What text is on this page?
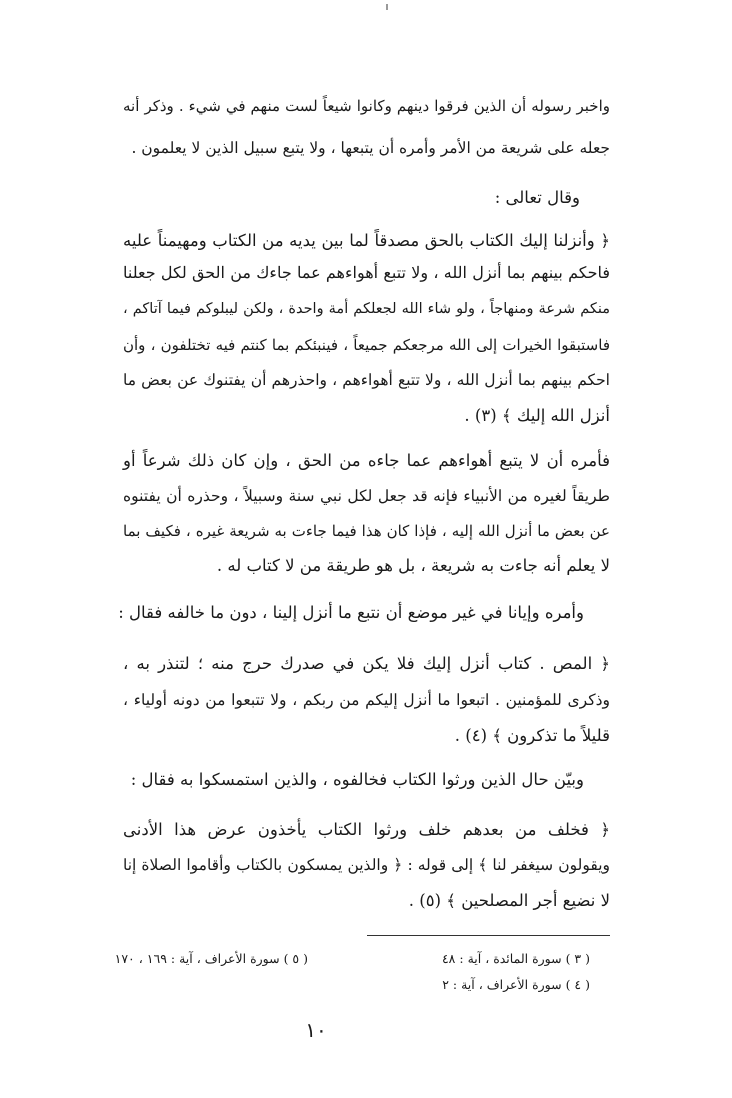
واخبر رسوله أن الذين فرقوا دينهم وكانوا شيعاً لست منهم في شيء . وذكر أنه
جعله على شريعة من الأمر وأمره أن يتبعها ، ولا يتبع سبيل الذين لا يعلمون .
وقال تعالى :
﴿ وأنزلنا إليك الكتاب بالحق مصدقاً لما بين يديه من الكتاب ومهيمناً عليه
فاحكم بينهم بما أنزل الله ، ولا تتبع أهواءهم عما جاءك من الحق لكل جعلنا
منكم شرعة ومنهاجاً ، ولو شاء الله لجعلكم أمة واحدة ، ولكن ليبلوكم فيما آتاكم ،
فاستبقوا الخيرات إلى الله مرجعكم جميعاً ، فينبئكم بما كنتم فيه تختلفون ، وأن
احكم بينهم بما أنزل الله ، ولا تتبع أهواءهم ، واحذرهم أن يفتنوك عن بعض ما
أنزل الله إليك ﴾ (٣) .
فأمره أن لا يتبع أهواءهم عما جاءه من الحق ، وإن كان ذلك شرعاً أو
طريقاً لغيره من الأنبياء فإنه قد جعل لكل نبي سنة وسبيلاً ، وحذره أن يفتنوه
عن بعض ما أنزل الله إليه ، فإذا كان هذا فيما جاءت به شريعة غيره ، فكيف بما
لا يعلم أنه جاءت به شريعة ، بل هو طريقة من لا كتاب له .
وأمره وإيانا في غير موضع أن نتبع ما أنزل إلينا ، دون ما خالفه فقال :
﴿ المص . كتاب أنزل إليك فلا يكن في صدرك حرج منه ؛ لتنذر به ،
وذكرى للمؤمنين . اتبعوا ما أنزل إليكم من ربكم ، ولا تتبعوا من دونه أولياء ،
قليلاً ما تذكرون ﴾ (٤) .
وبيّن حال الذين ورثوا الكتاب فخالفوه ، والذين استمسكوا به فقال :
﴿ فخلف من بعدهم خلف ورثوا الكتاب يأخذون عرض هذا الأدنى
ويقولون سيغفر لنا ﴾ إلى قوله : ﴿ والذين يمسكون بالكتاب وأقاموا الصلاة إنا
لا نضيع أجر المصلحين ﴾ (٥) .
( ٣ ) سورة المائدة ، آية : ٤٨
( ٥ ) سورة الأعراف ، آية : ١٦٩ ، ١٧٠
( ٤ ) سورة الأعراف ، آية : ٢
١٠
